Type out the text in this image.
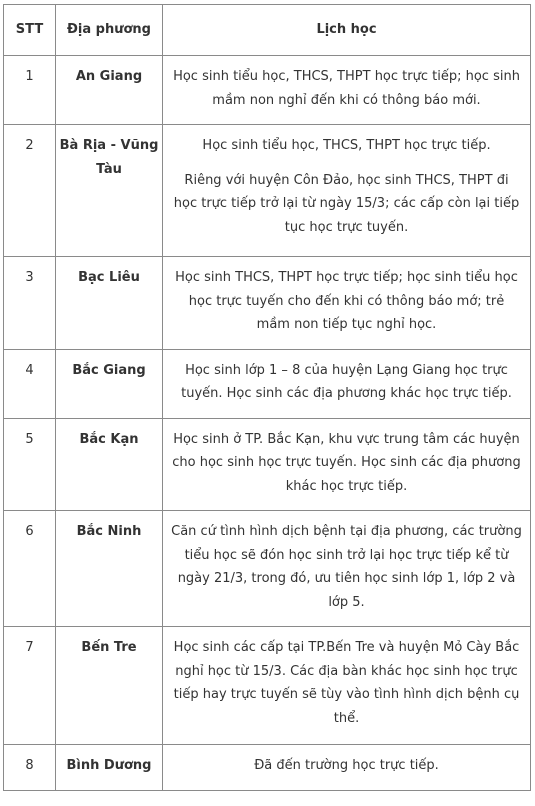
STT	Địa phương	Lịch học
1	An Giang	Học sinh tiểu học, THCS, THPT học trực tiếp; học sinh mầm non nghỉ đến khi có thông báo mới.

2	Bà Rịa - Vũng Tàu	Học sinh tiểu học, THCS, THPT học trực tiếp.

Riêng với huyện Côn Đảo, học sinh THCS, THPT đi học trực tiếp trở lại từ ngày 15/3; các cấp còn lại tiếp tục học trực tuyến.

3	Bạc Liêu	Học sinh THCS, THPT học trực tiếp; học sinh tiểu học học trực tuyến cho đến khi có thông báo mớ; trẻ mầm non tiếp tục nghỉ học.

4	Bắc Giang	Học sinh lớp 1 – 8 của huyện Lạng Giang học trực tuyến. Học sinh các địa phương khác học trực tiếp.

5	Bắc Kạn	Học sinh ở TP. Bắc Kạn, khu vực trung tâm các huyện cho học sinh học trực tuyến. Học sinh các địa phương khác học trực tiếp.

6	Bắc Ninh	Căn cứ tình hình dịch bệnh tại địa phương, các trường tiểu học sẽ đón học sinh trở lại học trực tiếp kể từ ngày 21/3, trong đó, ưu tiên học sinh lớp 1, lớp 2 và lớp 5.

7	Bến Tre	Học sinh các cấp tại TP.Bến Tre và huyện Mỏ Cày Bắc nghỉ học từ 15/3. Các địa bàn khác học sinh học trực tiếp hay trực tuyến sẽ tùy vào tình hình dịch bệnh cụ thể.

8	Bình Dương	Đã đến trường học trực tiếp.
